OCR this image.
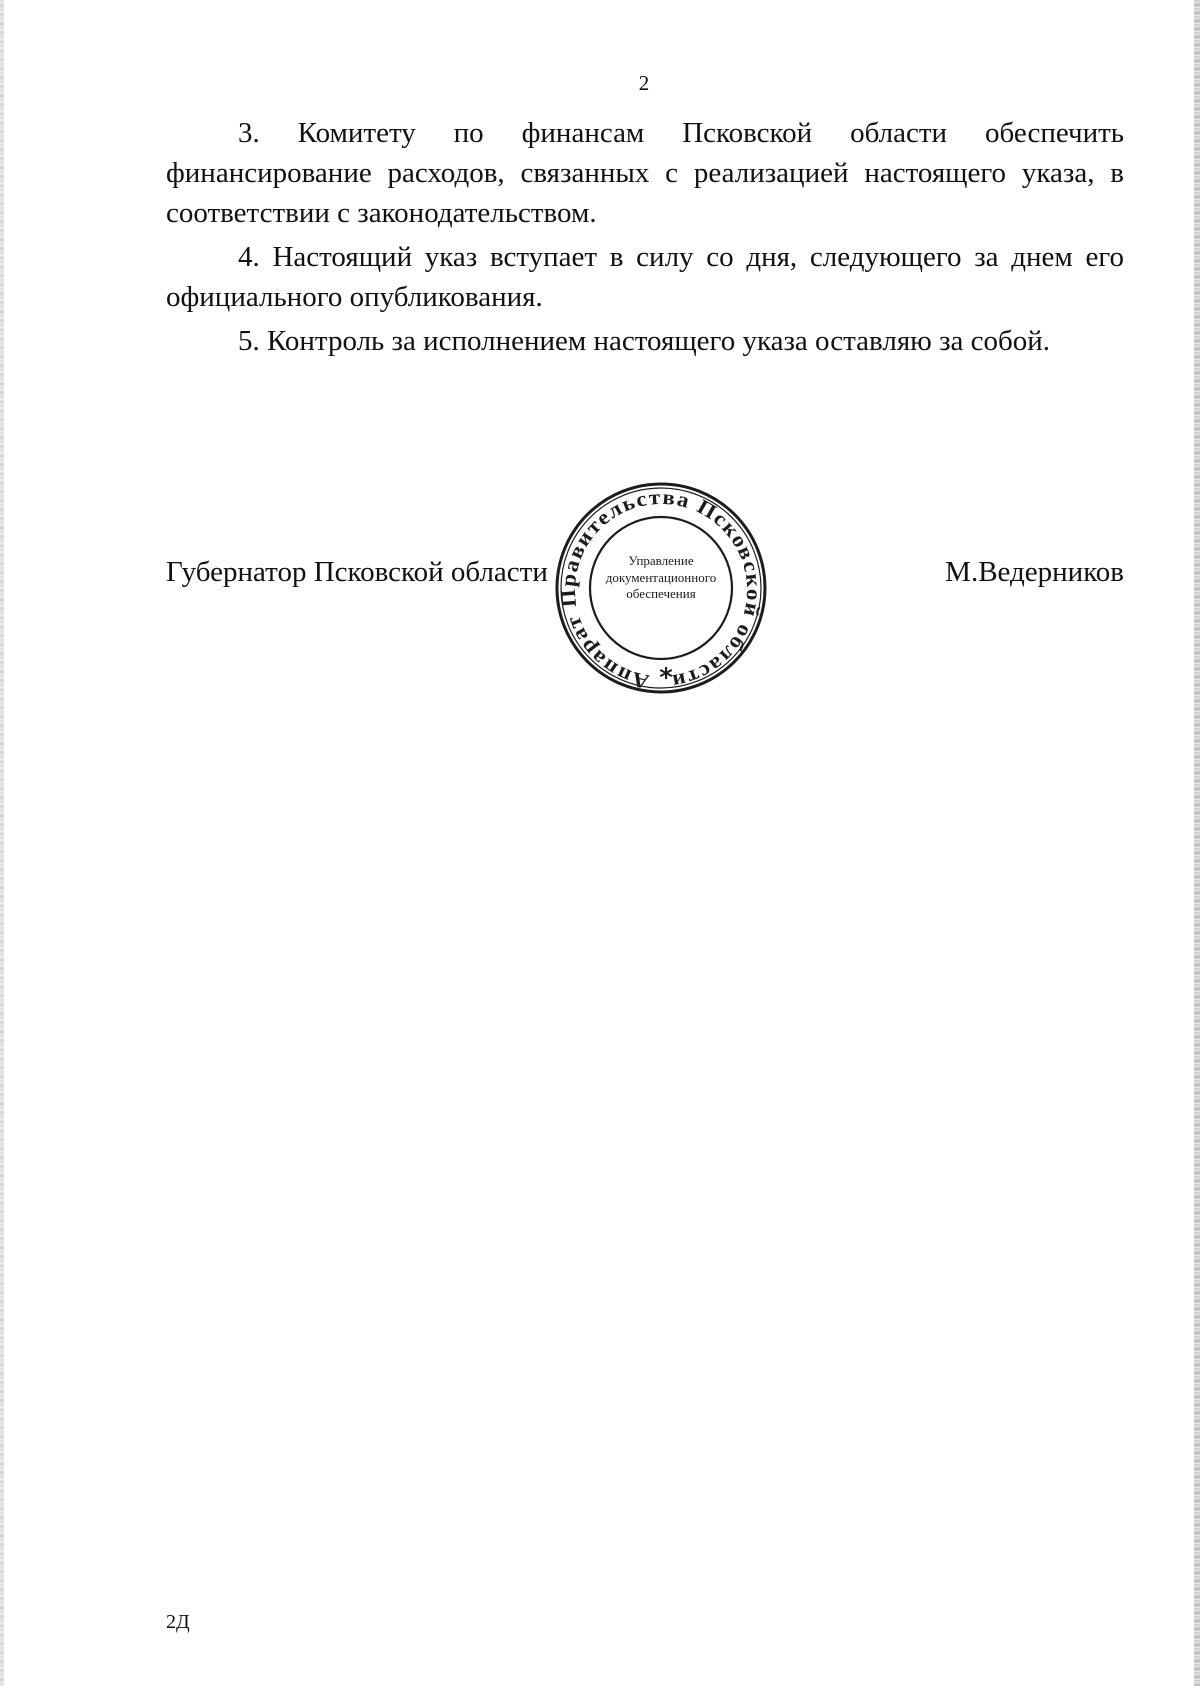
2

3. Комитету по финансам Псковской области обеспечить финансирование расходов, связанных с реализацией настоящего указа, в соответствии с законодательством.

4. Настоящий указ вступает в силу со дня, следующего за днем его официального опубликования.

5. Контроль за исполнением настоящего указа оставляю за собой.

Губернатор Псковской области	М.Ведерников
Аппарат Правительства Псковской области
Управление
документационного
обеспечения
*
2Д
